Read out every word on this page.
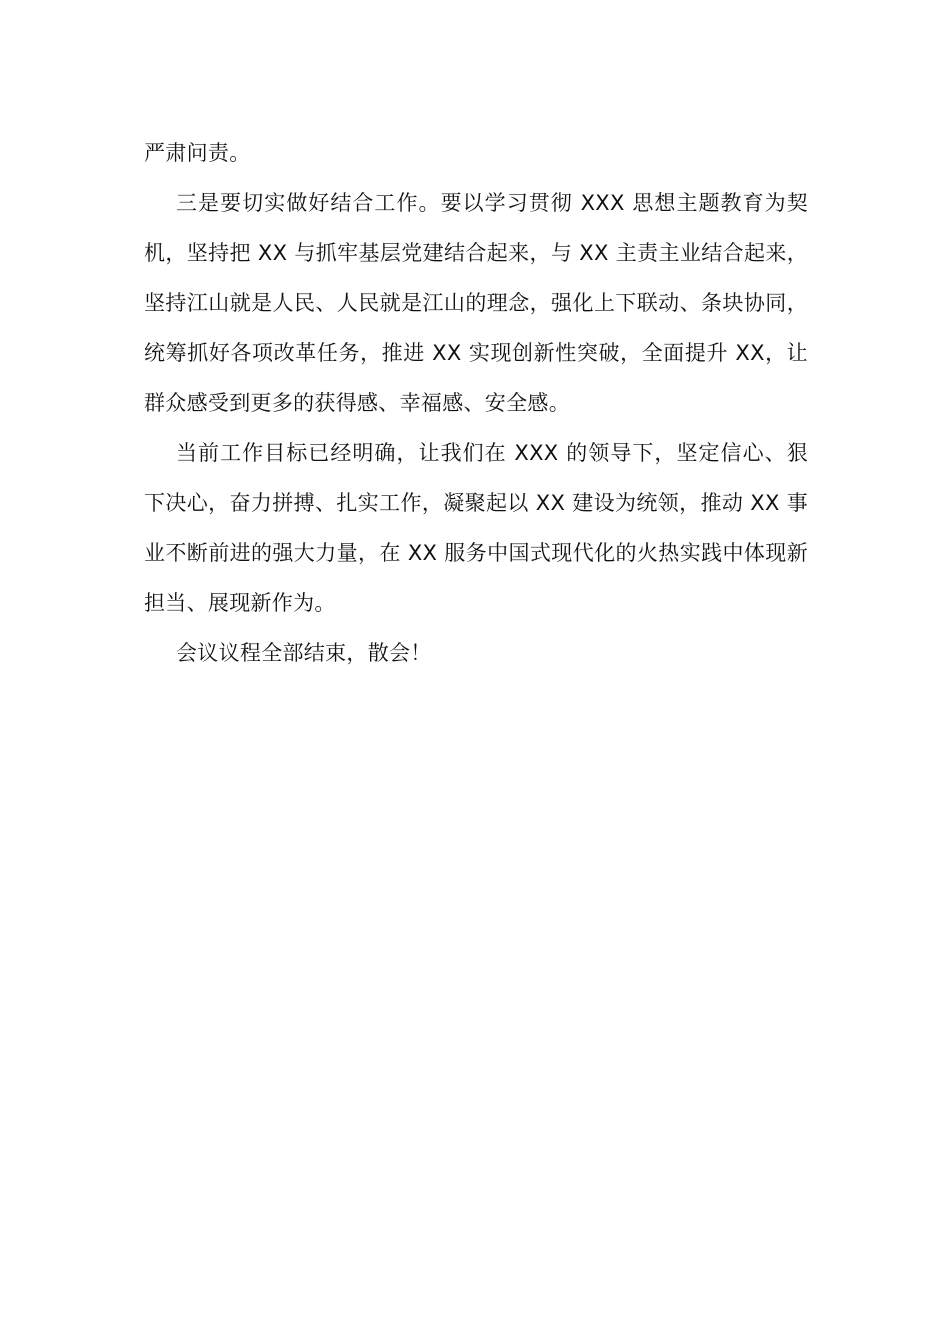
严肃问责。

三是要切实做好结合工作。要以学习贯彻 XXX 思想主题教育为契机，坚持把 XX 与抓牢基层党建结合起来，与 XX 主责主业结合起来，坚持江山就是人民、人民就是江山的理念，强化上下联动、条块协同，统筹抓好各项改革任务，推进 XX 实现创新性突破，全面提升 XX，让群众感受到更多的获得感、幸福感、安全感。

当前工作目标已经明确，让我们在 XXX 的领导下，坚定信心、狠下决心，奋力拼搏、扎实工作，凝聚起以 XX 建设为统领，推动 XX 事业不断前进的强大力量，在 XX 服务中国式现代化的火热实践中体现新担当、展现新作为。

会议议程全部结束，散会！
